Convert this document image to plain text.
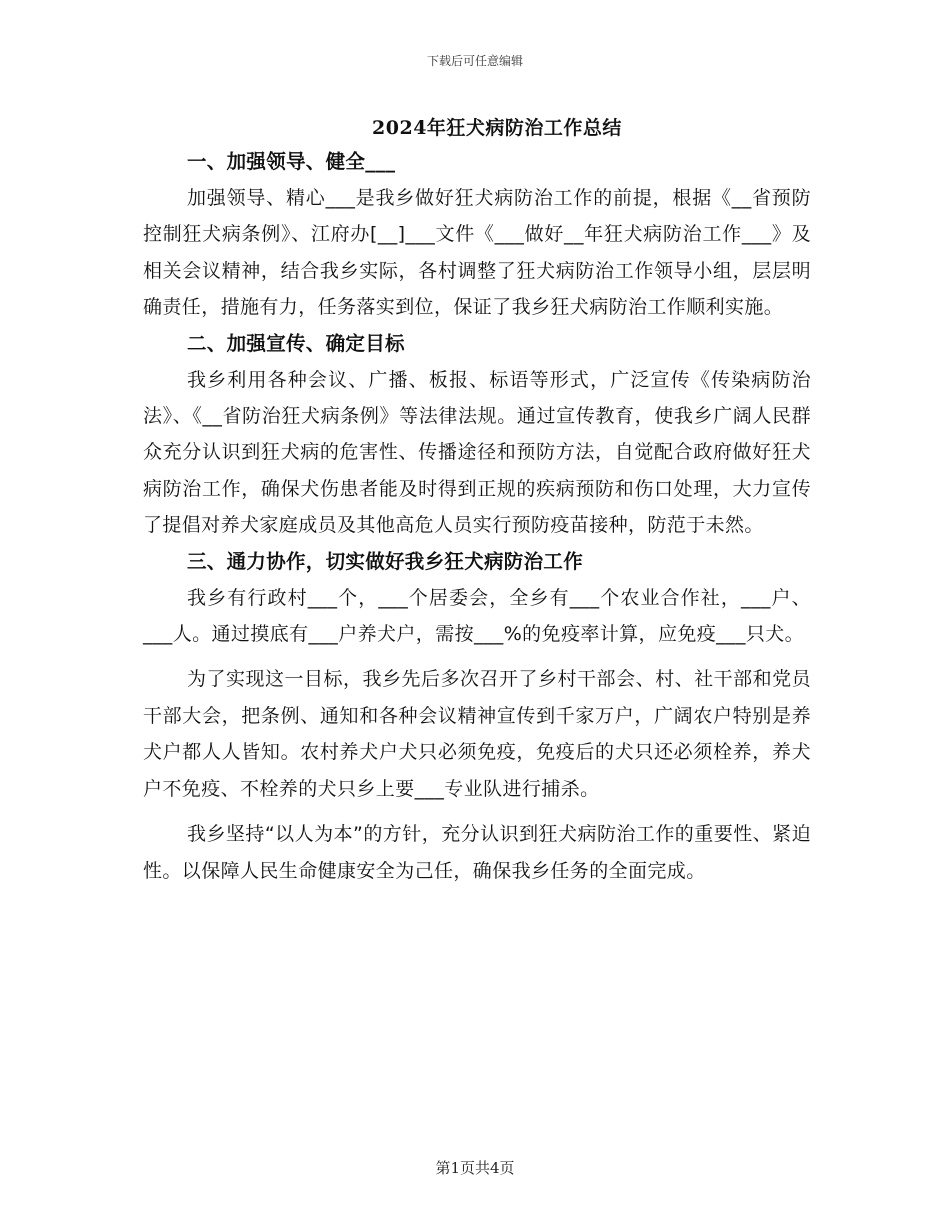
下载后可任意编辑
2024年狂犬病防治工作总结
一、加强领导、健全___

加强领导、精心___是我乡做好狂犬病防治工作的前提，根据《__省预防控制狂犬病条例》、江府办[__]___文件《___做好__年狂犬病防治工作___》及相关会议精神，结合我乡实际，各村调整了狂犬病防治工作领导小组，层层明确责任，措施有力，任务落实到位，保证了我乡狂犬病防治工作顺利实施。

二、加强宣传、确定目标

我乡利用各种会议、广播、板报、标语等形式，广泛宣传《传染病防治法》、《__省防治狂犬病条例》等法律法规。通过宣传教育，使我乡广阔人民群众充分认识到狂犬病的危害性、传播途径和预防方法，自觉配合政府做好狂犬病防治工作，确保犬伤患者能及时得到正规的疾病预防和伤口处理，大力宣传了提倡对养犬家庭成员及其他高危人员实行预防疫苗接种，防范于未然。

三、通力协作，切实做好我乡狂犬病防治工作

我乡有行政村___个，___个居委会，全乡有___个农业合作社，___户、___人。通过摸底有___户养犬户，需按___%的免疫率计算，应免疫___只犬。

为了实现这一目标，我乡先后多次召开了乡村干部会、村、社干部和党员干部大会，把条例、通知和各种会议精神宣传到千家万户，广阔农户特别是养犬户都人人皆知。农村养犬户犬只必须免疫，免疫后的犬只还必须栓养，养犬户不免疫、不栓养的犬只乡上要___专业队进行捕杀。

我乡坚持“以人为本”的方针，充分认识到狂犬病防治工作的重要性、紧迫性。以保障人民生命健康安全为己任，确保我乡任务的全面完成。

第1页共4页
